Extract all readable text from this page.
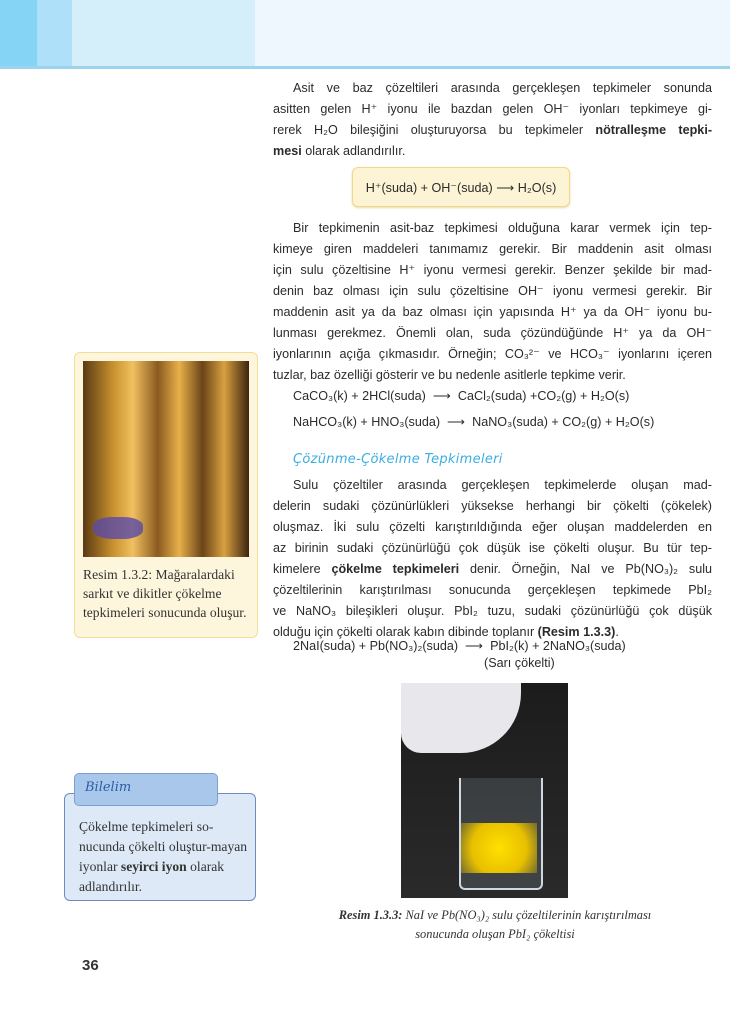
Asit ve baz çözeltileri arasında gerçekleşen tepkimeler sonunda
asitten gelen H⁺ iyonu ile bazdan gelen OH⁻ iyonları tepkimeye gi-
rerek H₂O bileşiğini oluşturuyorsa bu tepkimeler nötralleşme tepki-
mesi olarak adlandırılır.
H⁺(suda) + OH⁻(suda) ⟶ H₂O(s)
Bir tepkimenin asit-baz tepkimesi olduğuna karar vermek için tep-
kimeye giren maddeleri tanımamız gerekir. Bir maddenin asit olması
için sulu çözeltisine H⁺ iyonu vermesi gerekir. Benzer şekilde bir mad-
denin baz olması için sulu çözeltisine OH⁻ iyonu vermesi gerekir. Bir
maddenin asit ya da baz olması için yapısında H⁺ ya da OH⁻ iyonu bu-
lunması gerekmez. Önemli olan, suda çözündüğünde H⁺ ya da OH⁻
iyonlarının açığa çıkmasıdır. Örneğin; CO₃²⁻ ve HCO₃⁻ iyonlarını içeren
tuzlar, baz özelliği gösterir ve bu nedenle asitlerle tepkime verir.
CaCO₃(k) + 2HCl(suda)  ⟶  CaCl₂(suda) +CO₂(g) + H₂O(s)
NaHCO₃(k) + HNO₃(suda)  ⟶  NaNO₃(suda) + CO₂(g) + H₂O(s)
Çözünme-Çökelme Tepkimeleri
Sulu çözeltiler arasında gerçekleşen tepkimelerde oluşan mad-
delerin sudaki çözünürlükleri yüksekse herhangi bir çökelti (çökelek)
oluşmaz. İki sulu çözelti karıştırıldığında eğer oluşan maddelerden en
az birinin sudaki çözünürlüğü çok düşük ise çökelti oluşur. Bu tür tep-
kimelere çökelme tepkimeleri denir. Örneğin, NaI ve Pb(NO₃)₂ sulu
çözeltilerinin karıştırılması sonucunda gerçekleşen tepkimede PbI₂
ve NaNO₃ bileşikleri oluşur. PbI₂ tuzu, sudaki çözünürlüğü çok düşük
olduğu için çökelti olarak kabın dibinde toplanır (Resim 1.3.3).
2NaI(suda) + Pb(NO₃)₂(suda)  ⟶  PbI₂(k) + 2NaNO₃(suda)
(Sarı çökelti)
Resim 1.3.2: Mağaralardaki sarkıt ve dikitler çökelme tepkimeleri sonucunda oluşur.
Çökelme tepkimeleri so-nucunda çökelti oluştur-mayan iyonlar seyirci iyon olarak adlandırılır.
Bilelim
Resim 1.3.3: NaI ve Pb(NO₃)₂ sulu çözeltilerinin karıştırılması
sonucunda oluşan PbI₂ çökeltisi
36
